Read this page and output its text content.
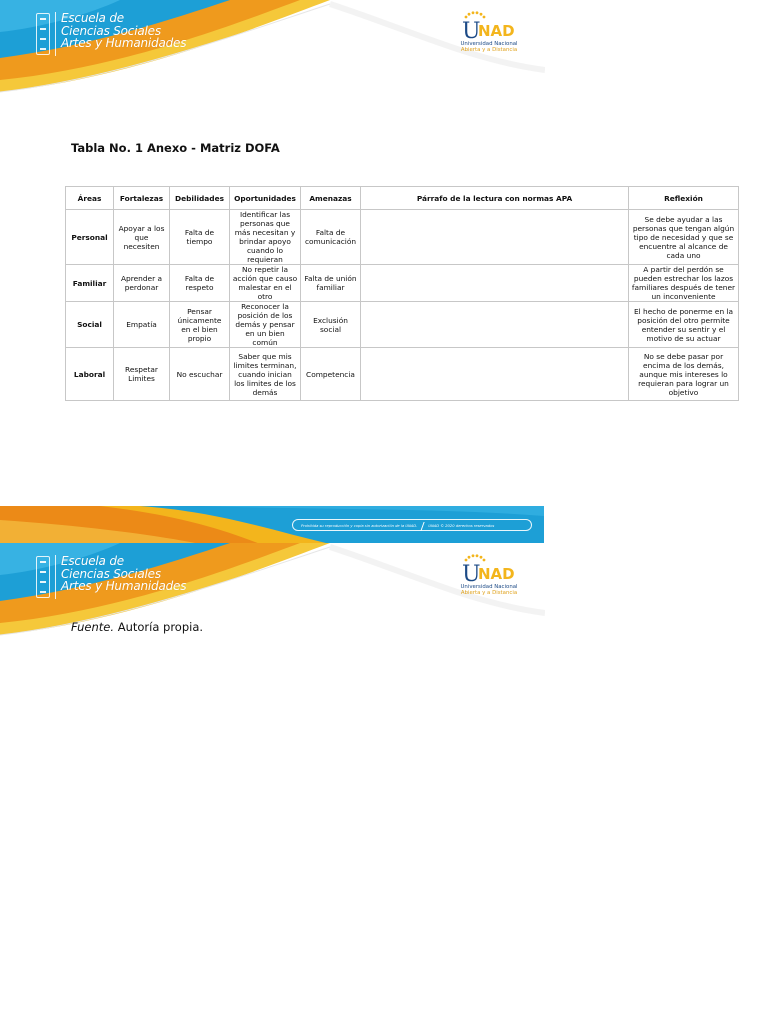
Escuela de
Ciencias Sociales
Artes y Humanidades	U
NAD
Universidad Nacional
Abierta y a Distancia
Tabla No. 1 Anexo - Matriz DOFA
Áreas	Fortalezas	Debilidades	Oportunidades	Amenazas	Párrafo de la lectura con normas APA	Reflexión
Personal	Apoyar a los que necesiten	Falta de tiempo	Identificar las personas que más necesitan y brindar apoyo cuando lo requieran	Falta de comunicación		Se debe ayudar a las personas que tengan algún tipo de necesidad y que se encuentre al alcance de cada uno
Familiar	Aprender a perdonar	Falta de respeto	No repetir la acción que causo malestar en el otro	Falta de unión familiar		A partir del perdón se pueden estrechar los lazos familiares después de tener un inconveniente
Social	Empatía	Pensar únicamente en el bien propio	Reconocer la posición de los demás y pensar en un bien común	Exclusión social		El hecho de ponerme en la posición del otro permite entender su sentir y el motivo de su actuar
Laboral	Respetar Limites	No escuchar	Saber que mis limites terminan, cuando inician los limites de los demás	Competencia		No se debe pasar por encima de los demás, aunque mis intereses lo requieran para lograr un objetivo
Prohibida su reproducción y copia sin autorización de la UNAD.	UNAD © 2020 derechos reservados
Escuela de
Ciencias Sociales
Artes y Humanidades	U
NAD
Universidad Nacional
Abierta y a Distancia
Fuente. Autoría propia.
